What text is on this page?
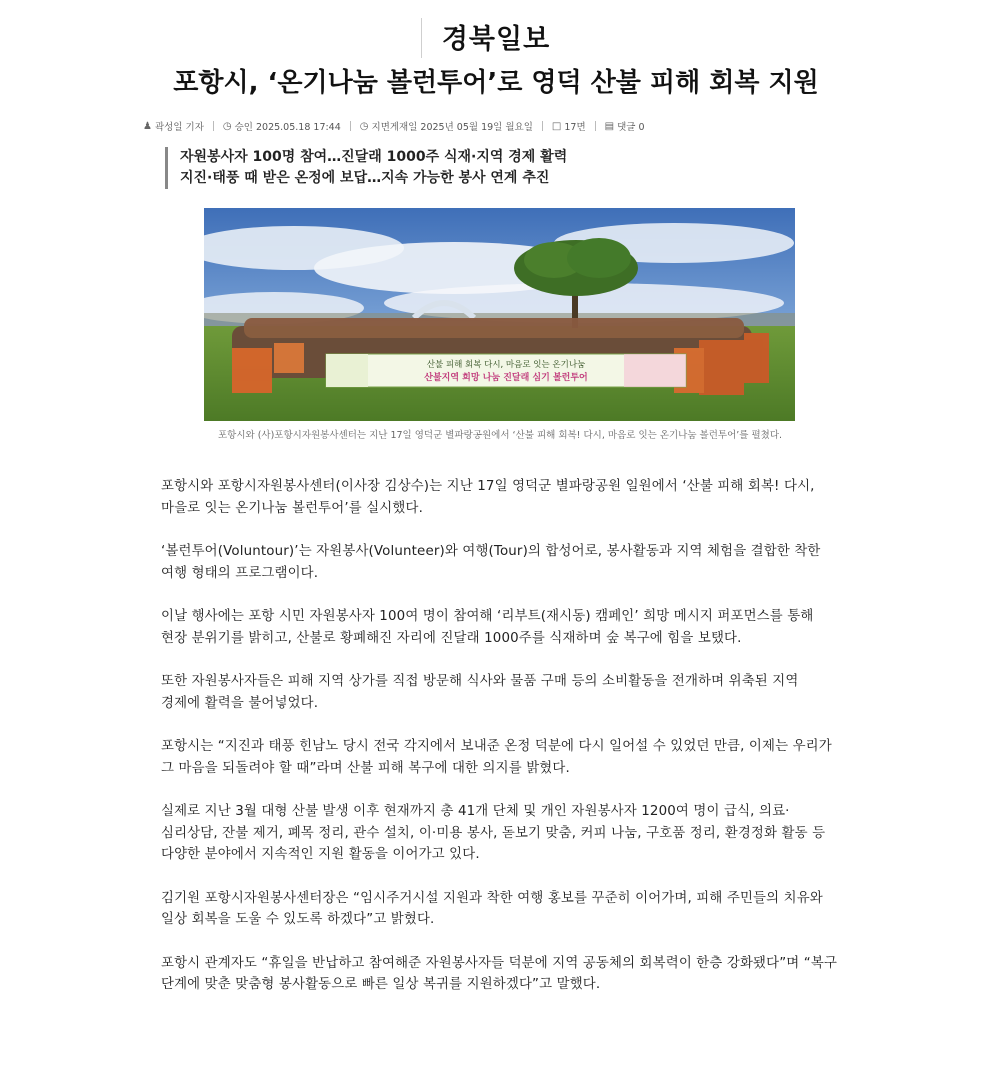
경북일보
포항시, ‘온기나눔 볼런투어’로 영덕 산불 피해 회복 지원
♟ 곽성일 기자 ◷ 승인 2025.05.18 17:44 ◷ 지면게재일 2025년 05월 19일 월요일 □ 17면 ▤ 댓글 0
자원봉사자 100명 참여…진달래 1000주 식재·지역 경제 활력
지진·태풍 때 받은 온정에 보답…지속 가능한 봉사 연계 추진
산불 피해 회복 다시, 마음로 잇는 온기나눔
산불지역 희망 나눔 진달래 심기 볼런투어
포항시와 (사)포항시자원봉사센터는 지난 17일 영덕군 별파랑공원에서 ‘산불 피해 회복! 다시, 마음로 잇는 온기나눔 볼런투어’를 펼쳤다.

포항시와 포항시자원봉사센터(이사장 김상수)는 지난 17일 영덕군 별파랑공원 일원에서 ‘산불 피해 회복! 다시, 마을로 잇는 온기나눔 볼런투어’를 실시했다.

‘볼런투어(Voluntour)’는 자원봉사(Volunteer)와 여행(Tour)의 합성어로, 봉사활동과 지역 체험을 결합한 착한 여행 형태의 프로그램이다.

이날 행사에는 포항 시민 자원봉사자 100여 명이 참여해 ‘리부트(재시동) 캠페인’ 희망 메시지 퍼포먼스를 통해 현장 분위기를 밝히고, 산불로 황폐해진 자리에 진달래 1000주를 식재하며 숲 복구에 힘을 보탰다.

또한 자원봉사자들은 피해 지역 상가를 직접 방문해 식사와 물품 구매 등의 소비활동을 전개하며 위축된 지역 경제에 활력을 불어넣었다.

포항시는 “지진과 태풍 힌남노 당시 전국 각지에서 보내준 온정 덕분에 다시 일어설 수 있었던 만큼, 이제는 우리가 그 마음을 되돌려야 할 때”라며 산불 피해 복구에 대한 의지를 밝혔다.

실제로 지난 3월 대형 산불 발생 이후 현재까지 총 41개 단체 및 개인 자원봉사자 1200여 명이 급식, 의료·심리상담, 잔불 제거, 폐목 정리, 관수 설치, 이·미용 봉사, 돋보기 맞춤, 커피 나눔, 구호품 정리, 환경정화 활동 등 다양한 분야에서 지속적인 지원 활동을 이어가고 있다.

김기원 포항시자원봉사센터장은 “임시주거시설 지원과 착한 여행 홍보를 꾸준히 이어가며, 피해 주민들의 치유와 일상 회복을 도울 수 있도록 하겠다”고 밝혔다.

포항시 관계자도 “휴일을 반납하고 참여해준 자원봉사자들 덕분에 지역 공동체의 회복력이 한층 강화됐다”며 “복구 단계에 맞춘 맞춤형 봉사활동으로 빠른 일상 복귀를 지원하겠다”고 말했다.
